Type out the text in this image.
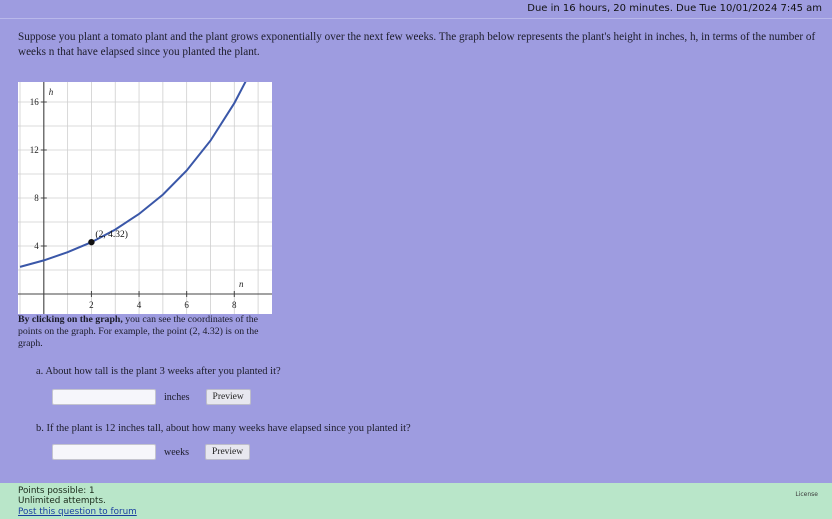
Due in 16 hours, 20 minutes. Due Tue 10/01/2024 7:45 am

Suppose you plant a tomato plant and the plant grows exponentially over the next few weeks. The graph below represents the plant's height in inches, h, in terms of the number of weeks n that have elapsed since you planted the plant.

2	4	6	8
4
8
12
16
n
h
(2, 4.32)

By clicking on the graph, you can see the coordinates of the points on the graph. For example, the point (2, 4.32) is on the graph.

a. About how tall is the plant 3 weeks after you planted it?

inches	Preview

b. If the plant is 12 inches tall, about how many weeks have elapsed since you planted it?

weeks	Preview
Points possible: 1
Unlimited attempts.
Post this question to forum
License
